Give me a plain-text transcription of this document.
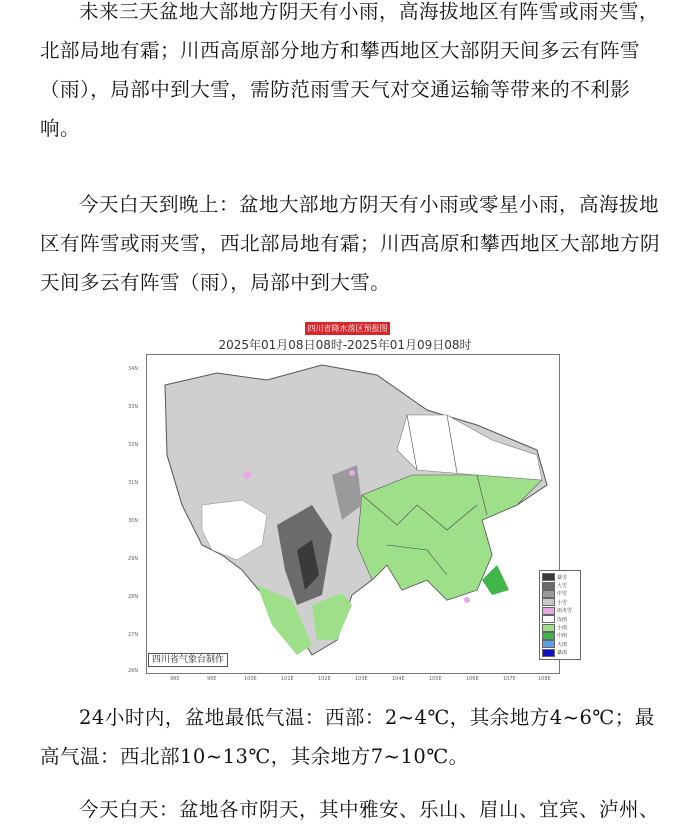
未来三天盆地大部地方阴天有小雨，高海拔地区有阵雪或雨夹雪，北部局地有霜；川西高原部分地方和攀西地区大部阴天间多云有阵雪（雨），局部中到大雪，需防范雨雪天气对交通运输等带来的不利影响。

今天白天到晚上：盆地大部地方阴天有小雨或零星小雨，高海拔地区有阵雪或雨夹雪，西北部局地有霜；川西高原和攀西地区大部地方阴天间多云有阵雪（雨），局部中到大雪。

四川省降水落区预报图
2025年01月08日08时-2025年01月09日08时
暴雪
大雪
中雪
小雪
雨夹雪
冻雨
小雨
中雨
大雨
暴雨
四川省气象台制作
34N
33N
32N
31N
30N
29N
28N
27N
26N
98E	99E	100E	101E	102E	103E	104E	105E	106E	107E	108E

24小时内，盆地最低气温：西部：2~4℃，其余地方4~6℃；最高气温：西北部10~13℃，其余地方7~10℃。

今天白天：盆地各市阴天，其中雅安、乐山、眉山、宜宾、泸州、
